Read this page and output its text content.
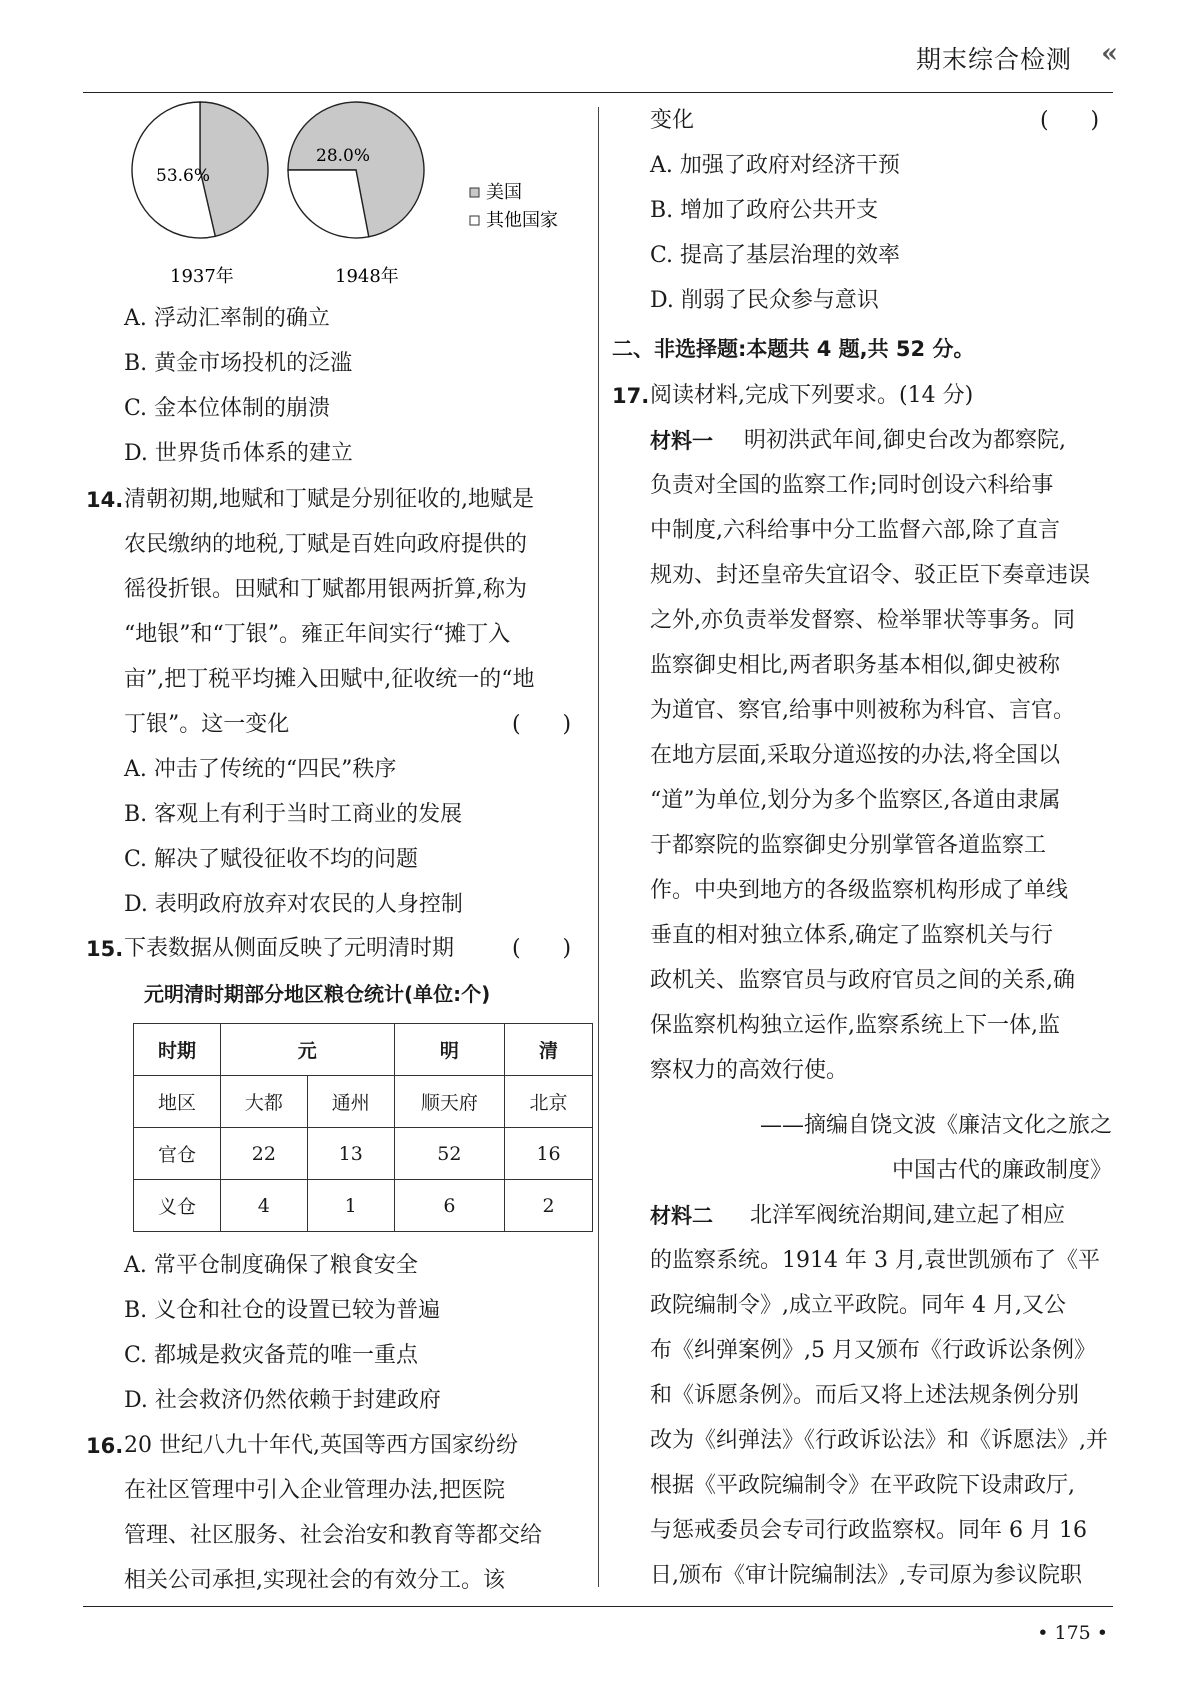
期末综合检测 «
53.6%
28.0%
1937年	1948年
美国
其他国家
A. 浮动汇率制的确立
B. 黄金市场投机的泛滥
C. 金本位体制的崩溃
D. 世界货币体系的建立
14. 清朝初期,地赋和丁赋是分别征收的,地赋是
农民缴纳的地税,丁赋是百姓向政府提供的
徭役折银。田赋和丁赋都用银两折算,称为
“地银”和“丁银”。雍正年间实行“摊丁入
亩”,把丁税平均摊入田赋中,征收统一的“地
丁银”。这一变化	(      )
A. 冲击了传统的“四民”秩序
B. 客观上有利于当时工商业的发展
C. 解决了赋役征收不均的问题
D. 表明政府放弃对农民的人身控制
15. 下表数据从侧面反映了元明清时期	(      )
元明清时期部分地区粮仓统计(单位:个)
时期	元		明	清
地区	大都	通州	顺天府	北京
官仓	22	13	52	16
义仓	4	1	6	2
A. 常平仓制度确保了粮食安全
B. 义仓和社仓的设置已较为普遍
C. 都城是救灾备荒的唯一重点
D. 社会救济仍然依赖于封建政府
16. 20 世纪八九十年代,英国等西方国家纷纷
在社区管理中引入企业管理办法,把医院
管理、社区服务、社会治安和教育等都交给
相关公司承担,实现社会的有效分工。该
变化	(      )
A. 加强了政府对经济干预
B. 增加了政府公共开支
C. 提高了基层治理的效率
D. 削弱了民众参与意识
二、非选择题:本题共 4 题,共 52 分。
17. 阅读材料,完成下列要求。(14 分)
材料一 明初洪武年间,御史台改为都察院,
负责对全国的监察工作;同时创设六科给事
中制度,六科给事中分工监督六部,除了直言
规劝、封还皇帝失宜诏令、驳正臣下奏章违误
之外,亦负责举发督察、检举罪状等事务。同
监察御史相比,两者职务基本相似,御史被称
为道官、察官,给事中则被称为科官、言官。
在地方层面,采取分道巡按的办法,将全国以
“道”为单位,划分为多个监察区,各道由隶属
于都察院的监察御史分别掌管各道监察工
作。中央到地方的各级监察机构形成了单线
垂直的相对独立体系,确定了监察机关与行
政机关、监察官员与政府官员之间的关系,确
保监察机构独立运作,监察系统上下一体,监
察权力的高效行使。
——摘编自饶文波《廉洁文化之旅之
中国古代的廉政制度》
材料二 北洋军阀统治期间,建立起了相应
的监察系统。1914 年 3 月,袁世凯颁布了《平
政院编制令》,成立平政院。同年 4 月,又公
布《纠弹案例》,5 月又颁布《行政诉讼条例》
和《诉愿条例》。而后又将上述法规条例分别
改为《纠弹法》《行政诉讼法》和《诉愿法》,并
根据《平政院编制令》在平政院下设肃政厅,
与惩戒委员会专司行政监察权。同年 6 月 16
日,颁布《审计院编制法》,专司原为参议院职
• 175 •
